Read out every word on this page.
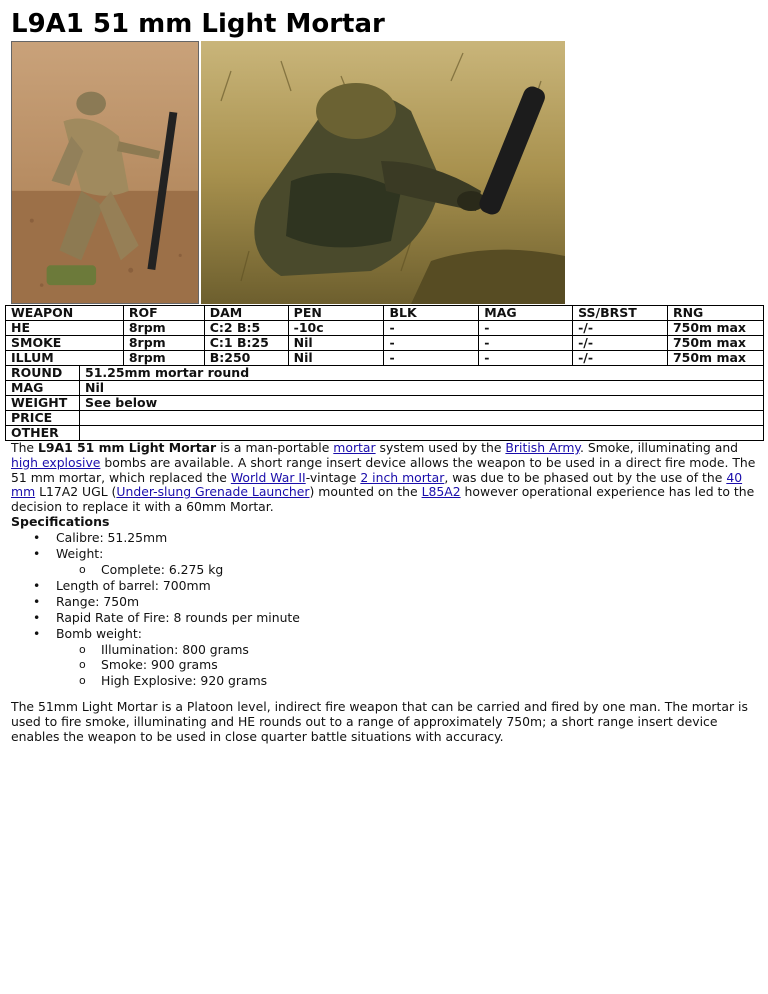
L9A1 51 mm Light Mortar
WEAPON	ROF	DAM	PEN	BLK	MAG	SS/BRST	RNG
HE	8rpm	C:2 B:5	-10c	-	-	-/-	750m max
SMOKE	8rpm	C:1 B:25	Nil	-	-	-/-	750m max
ILLUM	8rpm	B:250	Nil	-	-	-/-	750m max
ROUND	51.25mm mortar round
MAG	Nil
WEIGHT	See below
PRICE	
OTHER	

The L9A1 51 mm Light Mortar is a man-portable mortar system used by the British Army. Smoke, illuminating and high explosive bombs are available. A short range insert device allows the weapon to be used in a direct fire mode. The 51 mm mortar, which replaced the World War II-vintage 2 inch mortar, was due to be phased out by the use of the 40 mm L17A2 UGL (Under-slung Grenade Launcher) mounted on the L85A2 however operational experience has led to the decision to replace it with a 60mm Mortar.

Specifications

• Calibre: 51.25mm
• Weight:
o Complete: 6.275 kg
• Length of barrel: 700mm
• Range: 750m
• Rapid Rate of Fire: 8 rounds per minute
• Bomb weight:
o Illumination: 800 grams
o Smoke: 900 grams
o High Explosive: 920 grams

The 51mm Light Mortar is a Platoon level, indirect fire weapon that can be carried and fired by one man. The mortar is used to fire smoke, illuminating and HE rounds out to a range of approximately 750m; a short range insert device enables the weapon to be used in close quarter battle situations with accuracy.
